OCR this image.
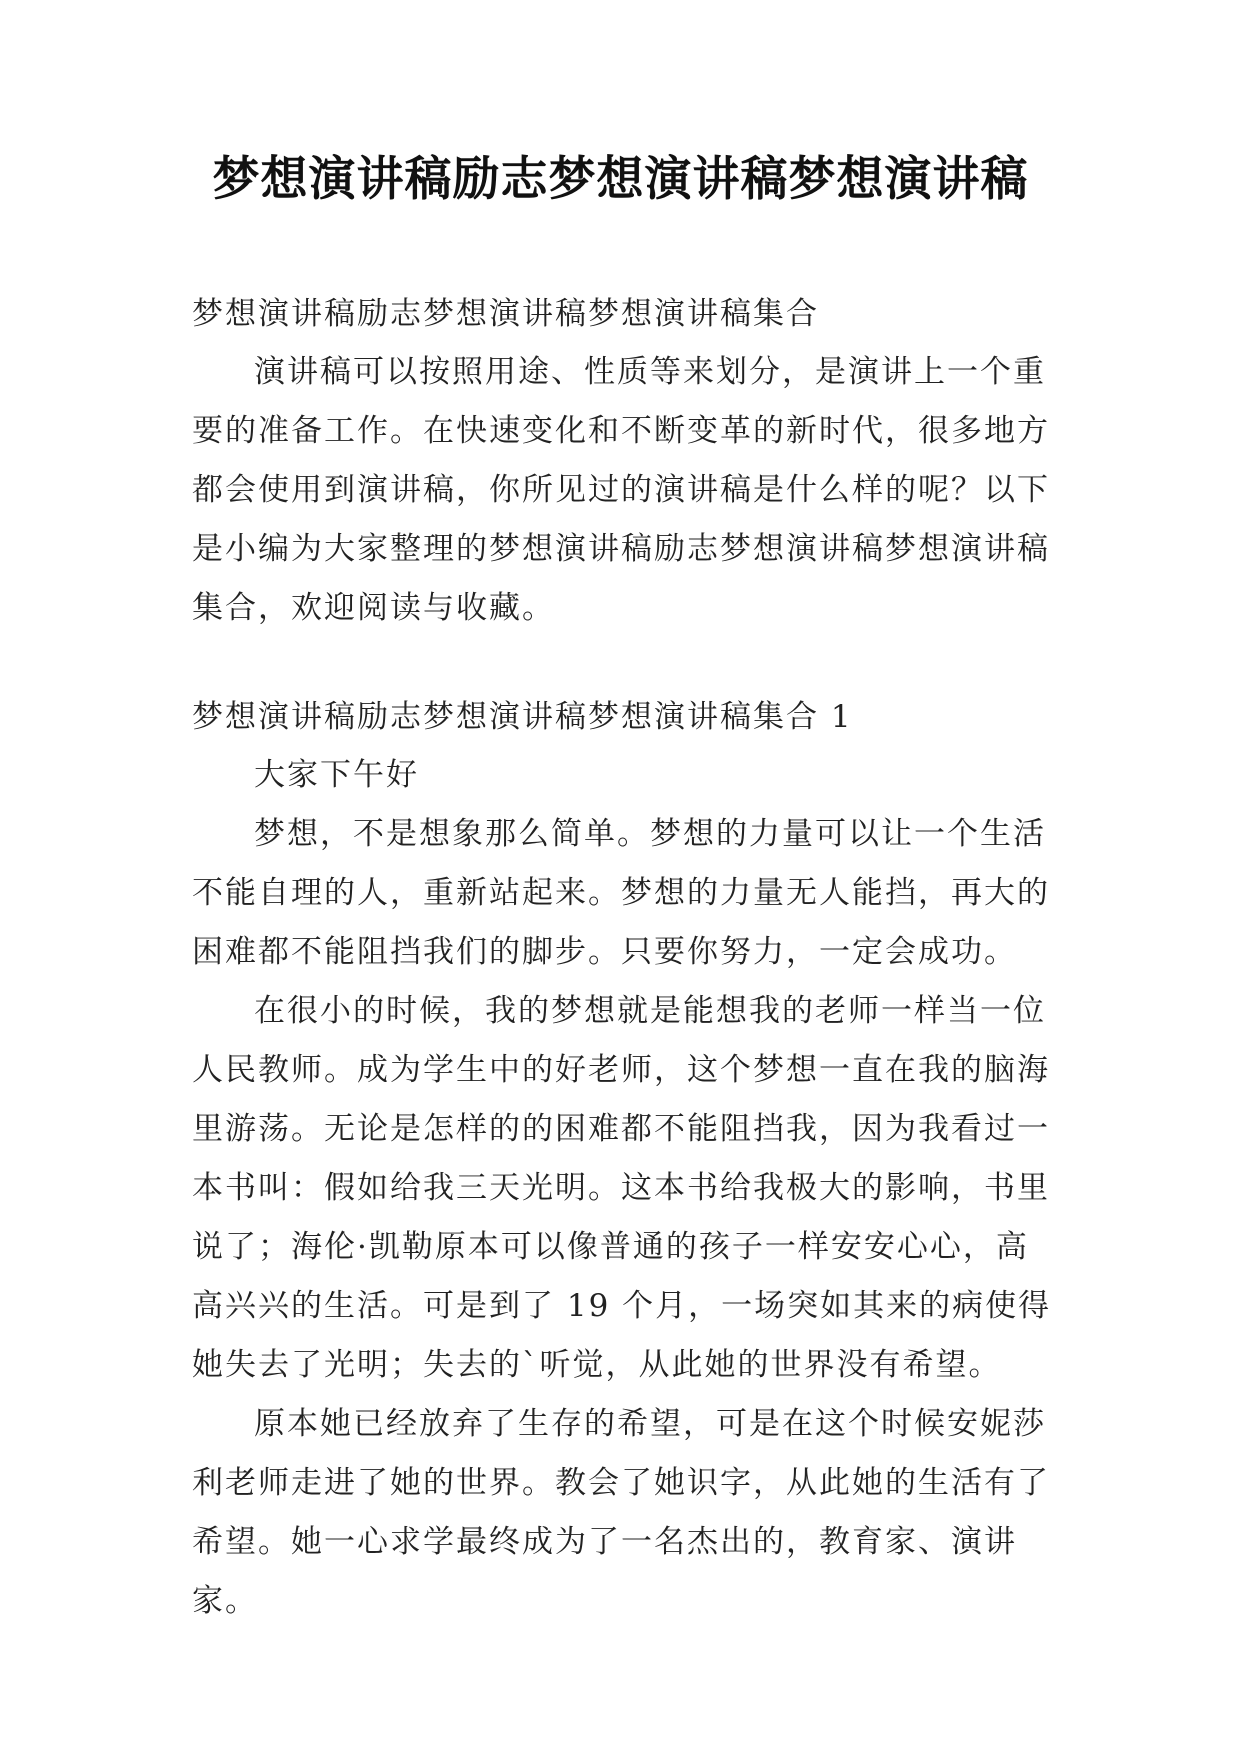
梦想演讲稿励志梦想演讲稿梦想演讲稿
梦想演讲稿励志梦想演讲稿梦想演讲稿集合

演讲稿可以按照用途、性质等来划分，是演讲上一个重要的准备工作。在快速变化和不断变革的新时代，很多地方都会使用到演讲稿，你所见过的演讲稿是什么样的呢？以下是小编为大家整理的梦想演讲稿励志梦想演讲稿梦想演讲稿集合，欢迎阅读与收藏。

梦想演讲稿励志梦想演讲稿梦想演讲稿集合 1

大家下午好

梦想，不是想象那么简单。梦想的力量可以让一个生活不能自理的人，重新站起来。梦想的力量无人能挡，再大的困难都不能阻挡我们的脚步。只要你努力，一定会成功。

在很小的时候，我的梦想就是能想我的老师一样当一位人民教师。成为学生中的好老师，这个梦想一直在我的脑海里游荡。无论是怎样的的困难都不能阻挡我，因为我看过一本书叫：假如给我三天光明。这本书给我极大的影响，书里说了；海伦·凯勒原本可以像普通的孩子一样安安心心，高高兴兴的生活。可是到了 19 个月，一场突如其来的病使得她失去了光明；失去的`听觉，从此她的世界没有希望。

原本她已经放弃了生存的希望，可是在这个时候安妮莎利老师走进了她的世界。教会了她识字，从此她的生活有了希望。她一心求学最终成为了一名杰出的，教育家、演讲家。
